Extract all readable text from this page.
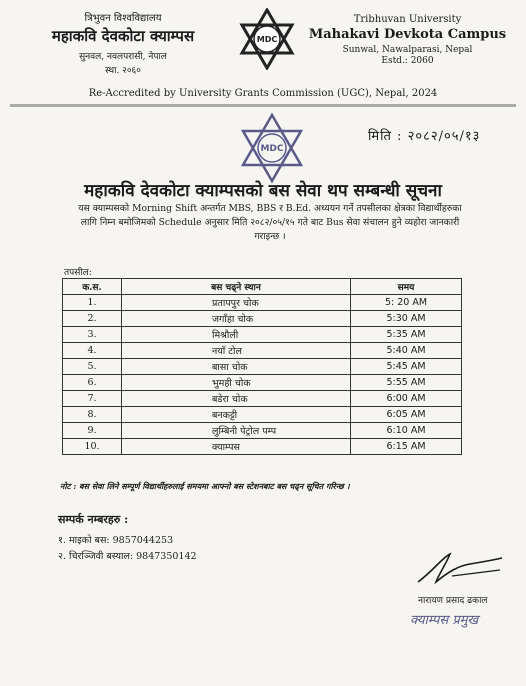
त्रिभुवन विश्वविद्यालय
महाकवि देवकोटा क्याम्पस
सुनवल, नवलपरासी, नेपाल
स्था. २०६०
MDC
Tribhuvan University
Mahakavi Devkota Campus
Sunwal, Nawalparasi, Nepal
Estd.: 2060
Re-Accredited by University Grants Commission (UGC), Nepal, 2024
MDC
मिति : २०८२/०५/१३
महाकवि देवकोटा क्याम्पसको बस सेवा थप सम्बन्धी सूचना
यस क्याम्पसको Morning Shift अन्तर्गत MBS, BBS र B.Ed. अध्ययन गर्ने तपसीलका क्षेत्रका विद्यार्थीहरुका लागि निम्न बमोजिमको Schedule अनुसार मिति २०८२/०५/१५ गते बाट Bus सेवा संचालन हुने व्यहोरा जानकारी गराइन्छ ।
तपसील:
क.स.	बस चढ्ने स्थान	समय
1.	प्रतापपुर चोक	5: 20 AM
2.	जगाँहा चोक	5:30 AM
3.	मिश्रौली	5:35 AM
4.	नयाँ टोल	5:40 AM
5.	बासा चोक	5:45 AM
6.	भुमही चोक	5:55 AM
7.	बडेरा चोक	6:00 AM
8.	बनकट्टी	6:05 AM
9.	लुम्बिनी पेट्रोल पम्प	6:10 AM
10.	क्याम्पस	6:15 AM
नोट : बस सेवा लिने सम्पूर्ण विद्यार्थीहरुलाई समयमा आफ्नो बस स्टेशनबाट बस चढ्न सूचित गरिन्छ ।
सम्पर्क नम्बरहरु :
१. माइको बस: 9857044253
२. चिरञ्जिवी बस्याल: 9847350142
नारायण प्रसाद ढकाल
क्याम्पस प्रमुख
